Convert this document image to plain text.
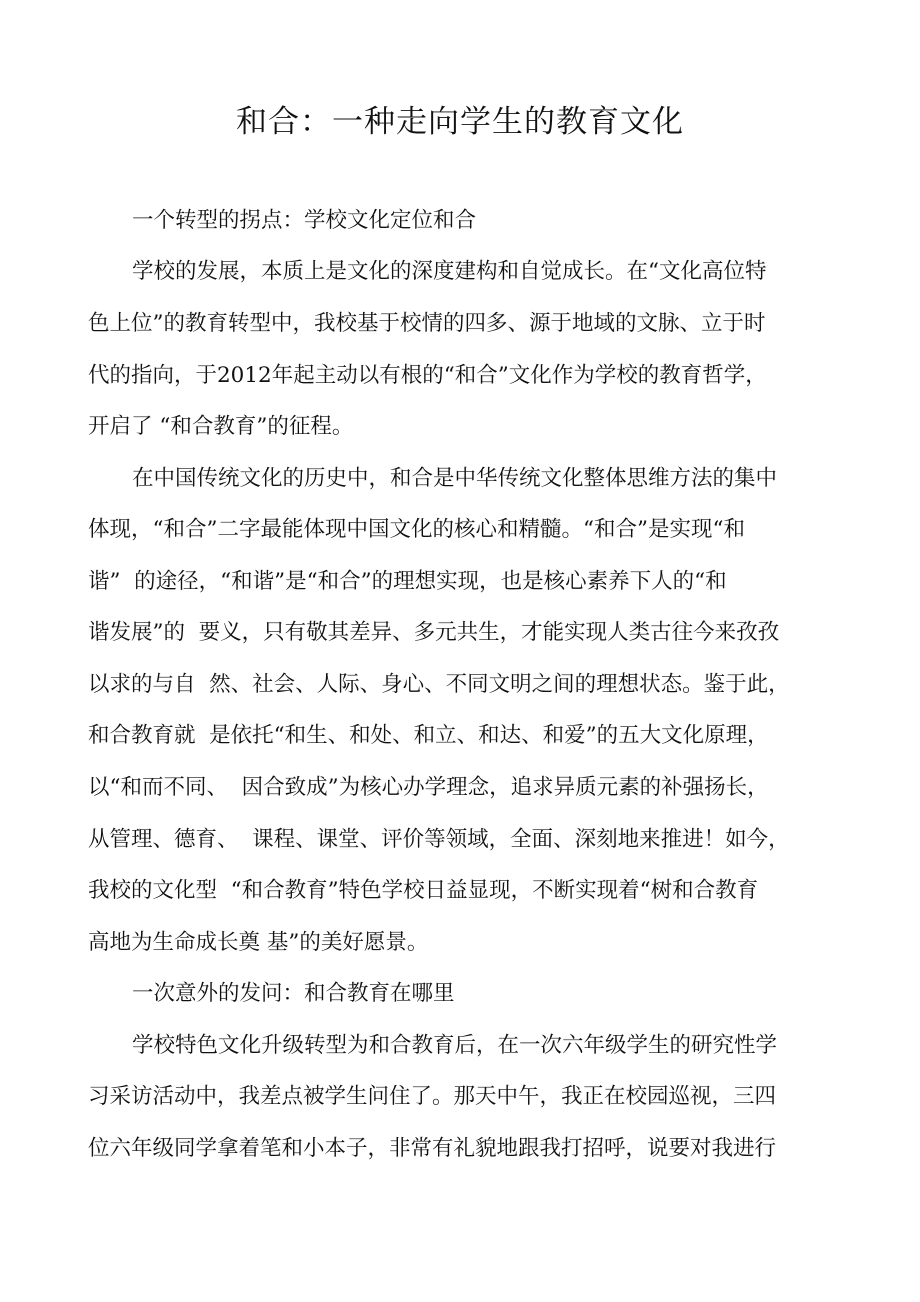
和合：一种走向学生的教育文化
一个转型的拐点：学校文化定位和合
学校的发展，本质上是文化的深度建构和自觉成长。在“文化高位特
色上位”的教育转型中，我校基于校情的四多、源于地域的文脉、立于时
代的指向，于2012年起主动以有根的“和合”文化作为学校的教育哲学，
开启了 “和合教育”的征程。
在中国传统文化的历史中，和合是中华传统文化整体思维方法的集中
体现，“和合”二字最能体现中国文化的核心和精髓。“和合”是实现“和
谐”  的途径，“和谐”是“和合”的理想实现，也是核心素养下人的“和
谐发展”的  要义，只有敬其差异、多元共生，才能实现人类古往今来孜孜
以求的与自  然、社会、人际、身心、不同文明之间的理想状态。鉴于此，
和合教育就  是依托“和生、和处、和立、和达、和爱”的五大文化原理，
以“和而不同、  因合致成”为核心办学理念，追求异质元素的补强扬长，
从管理、德育、  课程、课堂、评价等领域，全面、深刻地来推进！如今，
我校的文化型  “和合教育”特色学校日益显现，不断实现着“树和合教育
高地为生命成长奠 基”的美好愿景。
一次意外的发问：和合教育在哪里
学校特色文化升级转型为和合教育后，在一次六年级学生的研究性学
习采访活动中，我差点被学生问住了。那天中午，我正在校园巡视，三四
位六年级同学拿着笔和小本子，非常有礼貌地跟我打招呼，说要对我进行
